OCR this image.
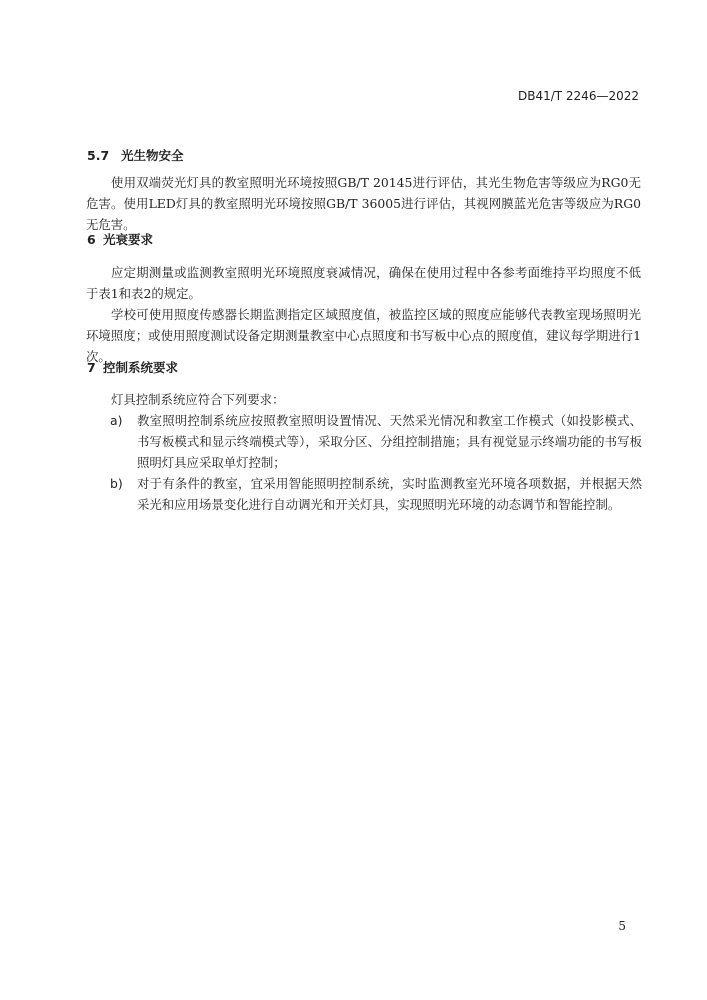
DB41/T 2246—2022
5.7 光生物安全
使用双端荧光灯具的教室照明光环境按照GB/T 20145进行评估，其光生物危害等级应为RG0无危害。使用LED灯具的教室照明光环境按照GB/T 36005进行评估，其视网膜蓝光危害等级应为RG0无危害。
6 光衰要求
应定期测量或监测教室照明光环境照度衰减情况，确保在使用过程中各参考面维持平均照度不低于表1和表2的规定。
学校可使用照度传感器长期监测指定区域照度值，被监控区域的照度应能够代表教室现场照明光环境照度；或使用照度测试设备定期测量教室中心点照度和书写板中心点的照度值，建议每学期进行1次。
7 控制系统要求
灯具控制系统应符合下列要求：
a)	教室照明控制系统应按照教室照明设置情况、天然采光情况和教室工作模式（如投影模式、书写板模式和显示终端模式等），采取分区、分组控制措施；具有视觉显示终端功能的书写板照明灯具应采取单灯控制；
b)	对于有条件的教室，宜采用智能照明控制系统，实时监测教室光环境各项数据，并根据天然采光和应用场景变化进行自动调光和开关灯具，实现照明光环境的动态调节和智能控制。
5
